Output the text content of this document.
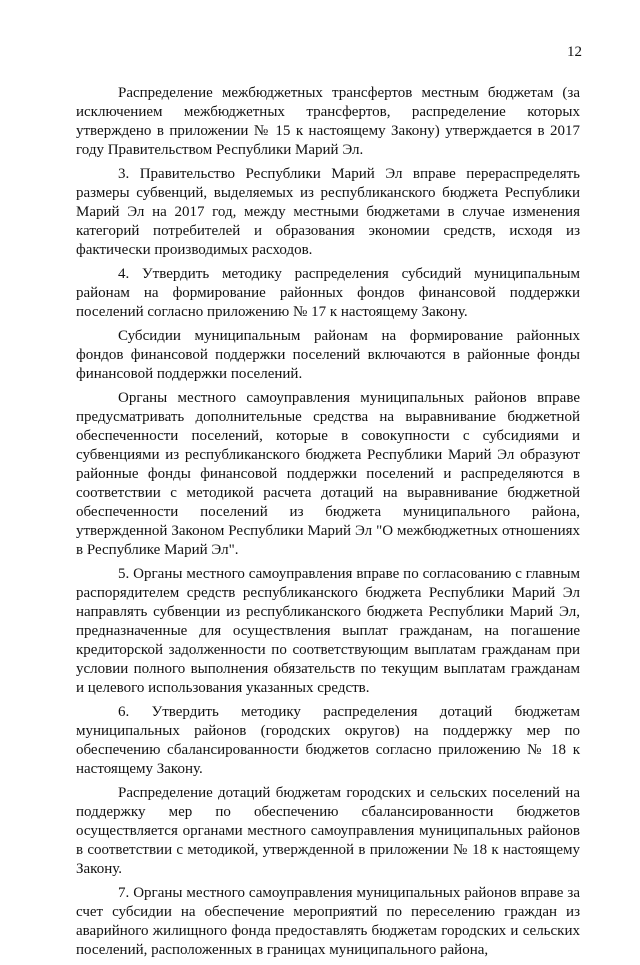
12

Распределение межбюджетных трансфертов местным бюджетам (за исключением межбюджетных трансфертов, распределение которых утверждено в приложении № 15 к настоящему Закону) утверждается в 2017 году Правительством Республики Марий Эл.

3. Правительство Республики Марий Эл вправе перераспределять размеры субвенций, выделяемых из республиканского бюджета Республики Марий Эл на 2017 год, между местными бюджетами в случае изменения категорий потребителей и образования экономии средств, исходя из фактически производимых расходов.

4. Утвердить методику распределения субсидий муниципальным районам на формирование районных фондов финансовой поддержки поселений согласно приложению № 17 к настоящему Закону.

Субсидии муниципальным районам на формирование районных фондов финансовой поддержки поселений включаются в районные фонды финансовой поддержки поселений.

Органы местного самоуправления муниципальных районов вправе предусматривать дополнительные средства на выравнивание бюджетной обеспеченности поселений, которые в совокупности с субсидиями и субвенциями из республиканского бюджета Республики Марий Эл образуют районные фонды финансовой поддержки поселений и распределяются в соответствии с методикой расчета дотаций на выравнивание бюджетной обеспеченности поселений из бюджета муниципального района, утвержденной Законом Республики Марий Эл "О межбюджетных отношениях в Республике Марий Эл".

5. Органы местного самоуправления вправе по согласованию с главным распорядителем средств республиканского бюджета Республики Марий Эл направлять субвенции из республиканского бюджета Республики Марий Эл, предназначенные для осуществления выплат гражданам, на погашение кредиторской задолженности по соответствующим выплатам гражданам при условии полного выполнения обязательств по текущим выплатам гражданам и целевого использования указанных средств.

6. Утвердить методику распределения дотаций бюджетам муниципальных районов (городских округов) на поддержку мер по обеспечению сбалансированности бюджетов согласно приложению № 18 к настоящему Закону.

Распределение дотаций бюджетам городских и сельских поселений на поддержку мер по обеспечению сбалансированности бюджетов осуществляется органами местного самоуправления муниципальных районов в соответствии с методикой, утвержденной в приложении № 18 к настоящему Закону.

7. Органы местного самоуправления муниципальных районов вправе за счет субсидии на обеспечение мероприятий по переселению граждан из аварийного жилищного фонда предоставлять бюджетам городских и сельских поселений, расположенных в границах муниципального района,
